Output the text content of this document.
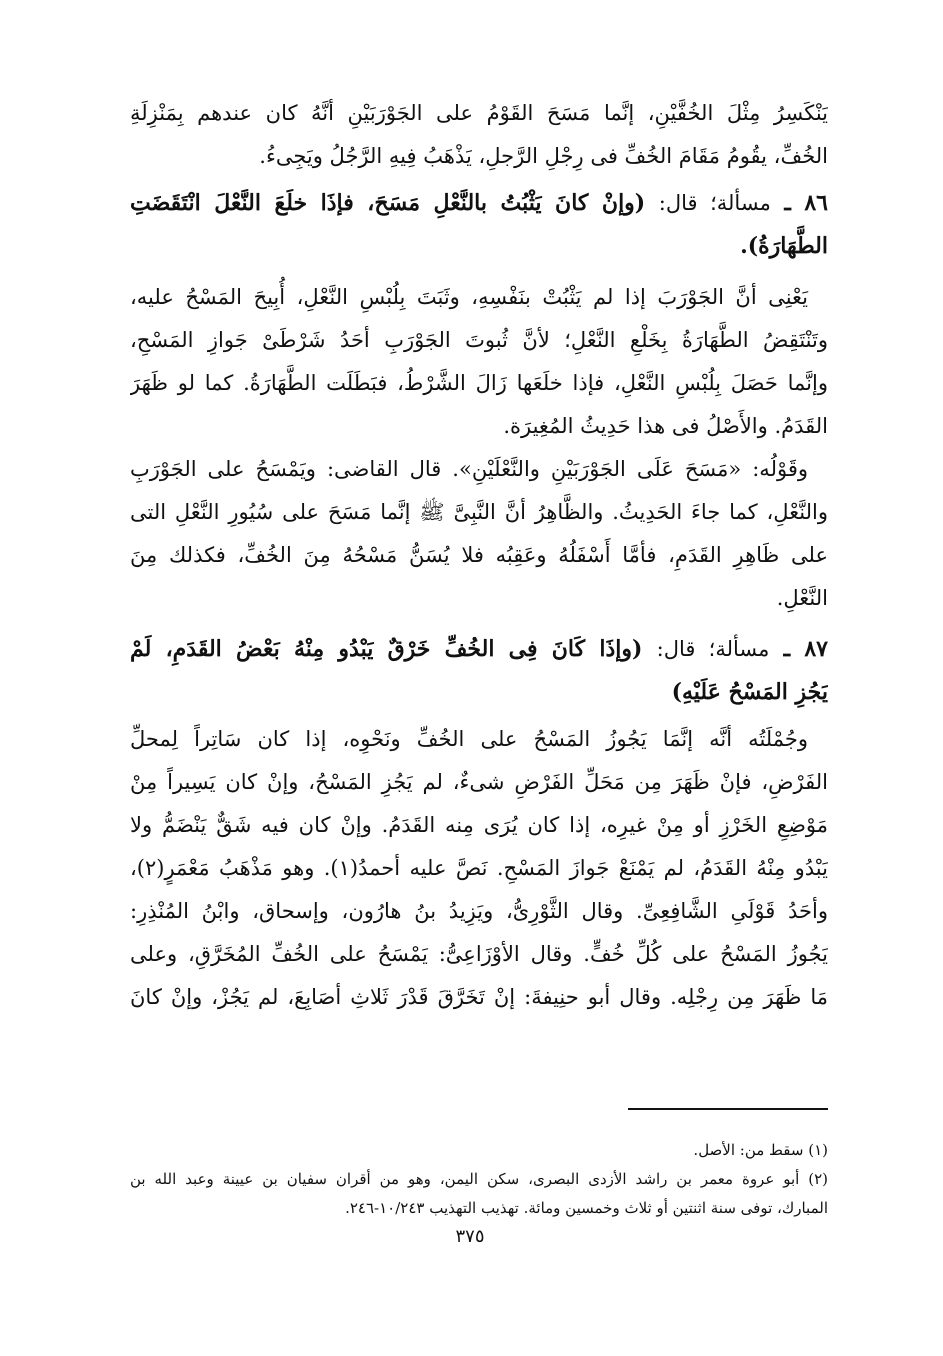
يَنْكَسِرُ مِثْلَ الخُفَّيْنِ، إنَّما مَسَحَ القَوْمُ على الجَوْرَبَيْنِ أنَّهُ كان عندهم بِمَنْزِلَةِ
الخُفِّ، يقُومُ مَقَامَ الخُفِّ فى رِجْلِ الرَّجلِ، يَذْهَبُ فِيهِ الرَّجُلُ ويَجِىءُ.
٨٦ ـ مسألة؛ قال: (وإنْ كانَ يَثْبُتُ بالنَّعْلِ مَسَحَ، فإذَا خلَعَ النَّعْلَ انْتَقَضَتِ
الطَّهَارَةُ).
يَعْنِى أنَّ الجَوْرَبَ إذا لم يَثْبُتْ بنَفْسِهِ، وثَبَتَ بِلُبْسِ النَّعْلِ، أُبِيحَ المَسْحُ عليه،
وتَنْتَقِضُ الطَّهَارَةُ بِخَلْعِ النَّعْلِ؛ لأنَّ ثُبوتَ الجَوْرَبِ أحَدُ شَرْطَىْ جَوازِ المَسْحِ،
وإنَّما حَصَلَ بِلُبْسِ النَّعْلِ، فإذا خلَعَها زَالَ الشَّرْطُ، فبَطَلَت الطَّهَارَةُ. كما لو ظَهَرَ
القَدَمُ. والأَصْلُ فى هذا حَدِيثُ المُغِيرَة.
وقَوْلُه: «مَسَحَ عَلَى الجَوْرَبَيْنِ والنَّعْلَيْنِ». قال القاضى: ويَمْسَحُ على الجَوْرَبِ
والنَّعْلِ، كما جاءَ الحَدِيثُ. والظَّاهِرُ أنَّ النَّبِىَّ ﷺ إنَّما مَسَحَ على سُيُورِ النَّعْلِ التى
على ظَاهِرِ القَدَمِ، فأمَّا أَسْفَلُهُ وعَقِبُه فلا يُسَنُّ مَسْحُهُ مِنَ الخُفِّ، فكذلك مِنَ
النَّعْلِ.
٨٧ ـ مسألة؛ قال: (وإذَا كَانَ فِى الخُفِّ خَرْقٌ يَبْدُو مِنْهُ بَعْضُ القَدَمِ، لَمْ
يَجُزِ المَسْحُ عَلَيْهِ)
وجُمْلَتُه أنَّه إنَّمَا يَجُوزُ المَسْحُ على الخُفِّ ونَحْوِه، إذا كان سَاتِراً لِمحلِّ
الفَرْضِ، فإنْ ظَهَرَ مِن مَحَلِّ الفَرْضِ شىءٌ، لم يَجُزِ المَسْحُ، وإنْ كان يَسِيراً مِنْ
مَوْضِعِ الخَرْزِ أو مِنْ غيرِه، إذا كان يُرَى مِنه القَدَمُ. وإنْ كان فيه شَقٌّ يَنْضَمُّ ولا
يَبْدُو مِنْهُ القَدَمُ، لم يَمْنَعْ جَوازَ المَسْحِ. نَصَّ عليه أحمدُ(١). وهو مَذْهَبُ مَعْمَرٍ(٢)،
وأحَدُ قَوْلَىِ الشَّافِعِىِّ. وقال الثَّوْرِىُّ، ويَزِيدُ بنُ هارُون، وإسحاق، وابْنُ المُنْذِرِ:
يَجُوزُ المَسْحُ على كُلِّ خُفٍّ. وقال الأوْزَاعِىُّ: يَمْسَحُ على الخُفِّ المُخَرَّقِ، وعلى
مَا ظَهَرَ مِن رِجْلِه. وقال أبو حنِيفةَ: إنْ تَخَرَّقَ قَدْرَ ثَلاثِ أصَابِعَ، لم يَجُزْ، وإنْ كانَ
(١) سقط من: الأصل.
(٢) أبو عروة معمر بن راشد الأزدى البصرى، سكن اليمن، وهو من أقران سفيان بن عيينة وعبد الله بن
المبارك، توفى سنة اثنتين أو ثلاث وخمسين ومائة. تهذيب التهذيب ١٠/٢٤٣-٢٤٦.
٣٧٥
